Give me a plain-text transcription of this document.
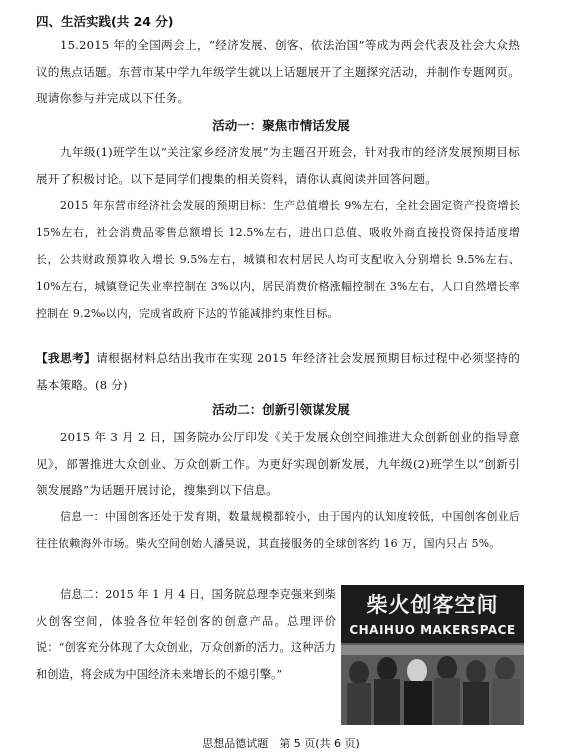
四、生活实践(共 24 分)

15.2015 年的全国两会上，“经济发展、创客、依法治国”等成为两会代表及社会大众热议的焦点话题。东营市某中学九年级学生就以上话题展开了主题探究活动，并制作专题网页。现请你参与并完成以下任务。

活动一：聚焦市情话发展

九年级(1)班学生以“关注家乡经济发展”为主题召开班会，针对我市的经济发展预期目标展开了积极讨论。以下是同学们搜集的相关资料，请你认真阅读并回答问题。

2015 年东营市经济社会发展的预期目标：生产总值增长 9%左右，全社会固定资产投资增长 15%左右，社会消费品零售总额增长 12.5%左右，进出口总值、吸收外商直接投资保持适度增长，公共财政预算收入增长 9.5%左右，城镇和农村居民人均可支配收入分别增长 9.5%左右、10%左右，城镇登记失业率控制在 3%以内，居民消费价格涨幅控制在 3%左右，人口自然增长率控制在 9.2‰以内，完成省政府下达的节能减排约束性目标。

【我思考】请根据材料总结出我市在实现 2015 年经济社会发展预期目标过程中必须坚持的基本策略。(8 分)

活动二：创新引领谋发展

2015 年 3 月 2 日，国务院办公厅印发《关于发展众创空间推进大众创新创业的指导意见》，部署推进大众创业、万众创新工作。为更好实现创新发展，九年级(2)班学生以“创新引领发展路”为话题开展讨论，搜集到以下信息。

信息一：中国创客还处于发育期，数量规模都较小，由于国内的认知度较低，中国创客创业后往往依赖海外市场。柴火空间创始人潘昊说，其直接服务的全球创客约 16 万，国内只占 5%。

信息二：2015 年 1 月 4 日，国务院总理李克强来到柴火创客空间，体验各位年轻创客的创意产品。总理评价说：“创客充分体现了大众创业，万众创新的活力。这种活力和创造，将会成为中国经济未来增长的不熄引擎。”

柴火创客空间
CHAIHUO MAKERSPACE
思想品德试题　第 5 页(共 6 页)
